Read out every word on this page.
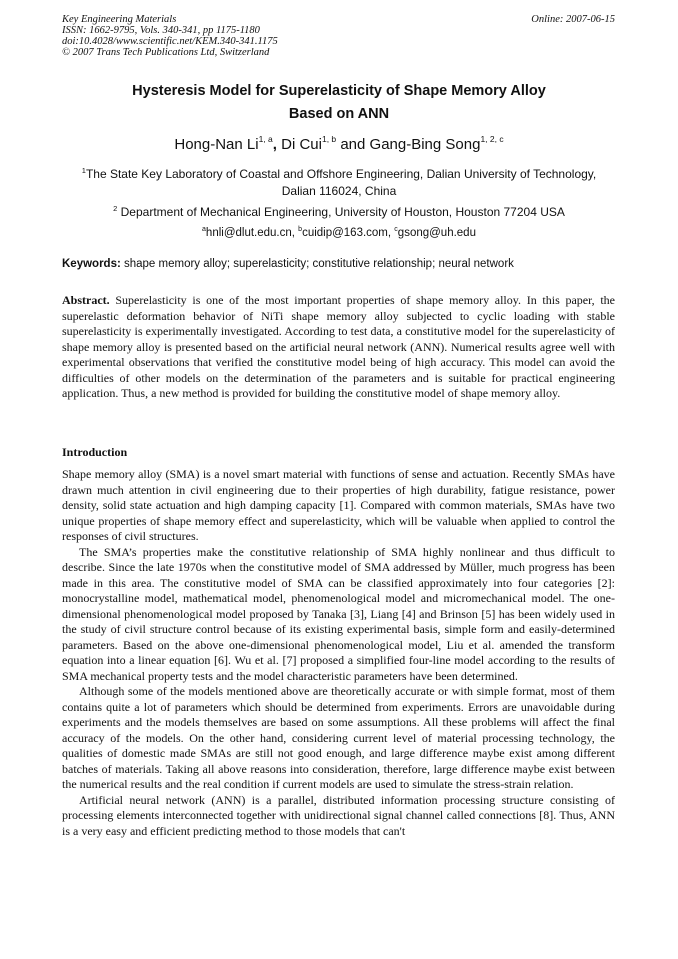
Key Engineering Materials
ISSN: 1662-9795, Vols. 340-341, pp 1175-1180
doi:10.4028/www.scientific.net/KEM.340-341.1175
© 2007 Trans Tech Publications Ltd, Switzerland
Online: 2007-06-15
Hysteresis Model for Superelasticity of Shape Memory Alloy
Based on ANN
Hong-Nan Li$^{1, a}$, Di Cui$^{1, b}$ and Gang-Bing Song$^{1, 2, c}$
$^1$The State Key Laboratory of Coastal and Offshore Engineering, Dalian University of Technology,
Dalian 116024, China
$^2$ Department of Mechanical Engineering, University of Houston, Houston 77204 USA
$^a$hnli@dlut.edu.cn, $^b$cuidip@163.com, $^c$gsong@uh.edu
Keywords: shape memory alloy; superelasticity; constitutive relationship; neural network
Abstract. Superelasticity is one of the most important properties of shape memory alloy. In this paper, the superelastic deformation behavior of NiTi shape memory alloy subjected to cyclic loading with stable superelasticity is experimentally investigated. According to test data, a constitutive model for the superelasticity of shape memory alloy is presented based on the artificial neural network (ANN). Numerical results agree well with experimental observations that verified the constitutive model being of high accuracy. This model can avoid the difficulties of other models on the determination of the parameters and is suitable for practical engineering application. Thus, a new method is provided for building the constitutive model of shape memory alloy.
Introduction

Shape memory alloy (SMA) is a novel smart material with functions of sense and actuation. Recently SMAs have drawn much attention in civil engineering due to their properties of high durability, fatigue resistance, power density, solid state actuation and high damping capacity [1]. Compared with common materials, SMAs have two unique properties of shape memory effect and superelasticity, which will be valuable when applied to control the responses of civil structures.

The SMA’s properties make the constitutive relationship of SMA highly nonlinear and thus difficult to describe. Since the late 1970s when the constitutive model of SMA addressed by Müller, much progress has been made in this area. The constitutive model of SMA can be classified approximately into four categories [2]: monocrystalline model, mathematical model, phenomenological model and micromechanical model. The one-dimensional phenomenological model proposed by Tanaka [3], Liang [4] and Brinson [5] has been widely used in the study of civil structure control because of its existing experimental basis, simple form and easily-determined parameters. Based on the above one-dimensional phenomenological model, Liu et al. amended the transform equation into a linear equation [6]. Wu et al. [7] proposed a simplified four-line model according to the results of SMA mechanical property tests and the model characteristic parameters have been determined.

Although some of the models mentioned above are theoretically accurate or with simple format, most of them contains quite a lot of parameters which should be determined from experiments. Errors are unavoidable during experiments and the models themselves are based on some assumptions. All these problems will affect the final accuracy of the models. On the other hand, considering current level of material processing technology, the qualities of domestic made SMAs are still not good enough, and large difference maybe exist among different batches of materials. Taking all above reasons into consideration, therefore, large difference maybe exist between the numerical results and the real condition if current models are used to simulate the stress-strain relation.

Artificial neural network (ANN) is a parallel, distributed information processing structure consisting of processing elements interconnected together with unidirectional signal channel called connections [8]. Thus, ANN is a very easy and efficient predicting method to those models that can't
